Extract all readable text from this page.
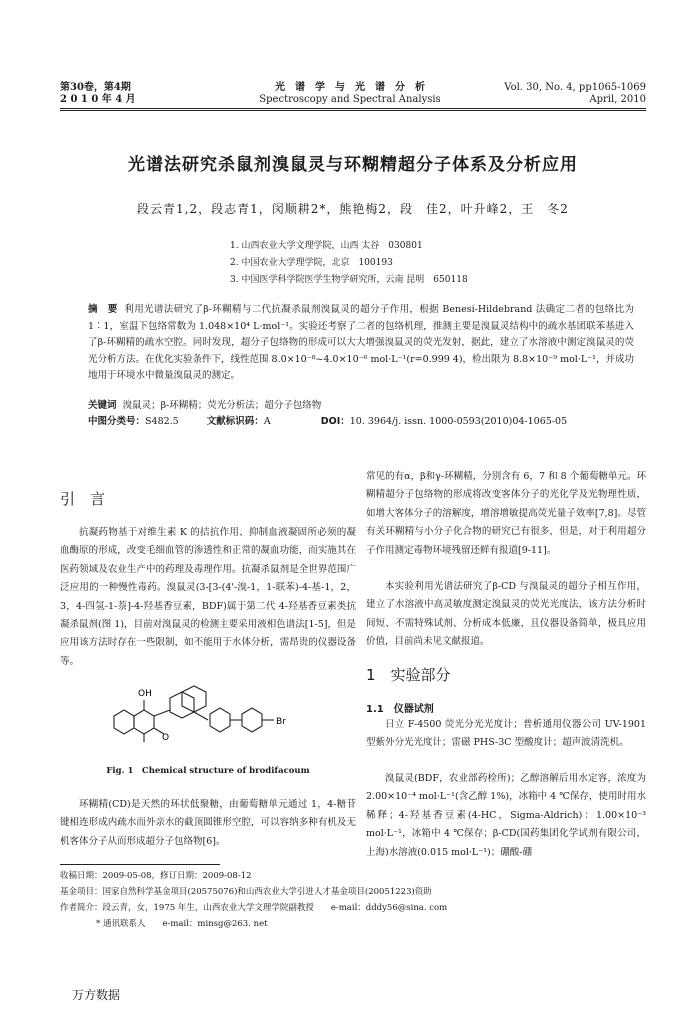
第30卷，第4期
2 0 1 0 年 4 月
光　谱　学　与　光　谱　分　析
Spectroscopy and Spectral Analysis
Vol. 30, No. 4, pp1065-1069
April, 2010
光谱法研究杀鼠剂溴鼠灵与环糊精超分子体系及分析应用
段云青1,2，段志青1，闵顺耕2*，熊艳梅2，段　佳2，叶升峰2，王　冬2
1. 山西农业大学文理学院，山西 太谷　030801
2. 中国农业大学理学院，北京　100193
3. 中国医学科学院医学生物学研究所，云南 昆明　650118
摘　要 利用光谱法研究了β-环糊精与二代抗凝杀鼠剂溴鼠灵的超分子作用，根据 Benesi-Hildebrand 法确定二者的包络比为 1∶1，室温下包络常数为 1.048×10⁴ L·mol⁻¹。实验还考察了二者的包络机理，推测主要是溴鼠灵结构中的疏水基团联苯基进入了β-环糊精的疏水空腔。同时发现，超分子包络物的形成可以大大增强溴鼠灵的荧光发射，据此，建立了水溶液中测定溴鼠灵的荧光分析方法。在优化实验条件下，线性范围 8.0×10⁻⁸~4.0×10⁻⁶ mol·L⁻¹(r=0.999 4)，检出限为 8.8×10⁻⁹ mol·L⁻¹，并成功地用于环境水中微量溴鼠灵的测定。
关键词 溴鼠灵；β-环糊精；荧光分析法；超分子包络物
中图分类号：S482.5	文献标识码：A	DOI：10. 3964/j. issn. 1000-0593(2010)04-1065-05
引　言
抗凝药物基于对维生素 K 的拮抗作用、抑制血液凝固所必须的凝血酶原的形成，改变毛细血管的渗透性和正常的凝血功能，而实施其在医药领域及农业生产中的药理及毒理作用。抗凝杀鼠剂是全世界范围广泛应用的一种慢性毒药。溴鼠灵(3-[3-(4'-溴-1，1-联苯)-4-基-1，2，3，4-四氢-1-萘]-4-羟基香豆素，BDF)属于第二代 4-羟基香豆素类抗凝杀鼠剂(图 1)，目前对溴鼠灵的检测主要采用液相色谱法[1-5]，但是应用该方法时存在一些限制，如不能用于水体分析，需昂贵的仪器设备等。
OH
O
Br
Fig. 1　Chemical structure of brodifacoum
环糊精(CD)是天然的环状低聚糖，由葡萄糖单元通过 1，4-糖苷键相连形成内疏水而外亲水的截顶圆锥形空腔，可以容纳多种有机及无机客体分子从而形成超分子包络物[6]。
常见的有α，β和γ-环糊精，分别含有 6，7 和 8 个葡萄糖单元。环糊精超分子包络物的形成将改变客体分子的光化学及光物理性质，如增大客体分子的溶解度，增溶增敏提高荧光量子效率[7,8]。尽管有关环糊精与小分子化合物的研究已有很多，但是，对于利用超分子作用测定毒物环境残留还鲜有报道[9-11]。
本实验利用光谱法研究了β-CD 与溴鼠灵的超分子相互作用，建立了水溶液中高灵敏度测定溴鼠灵的荧光光度法，该方法分析时间短、不需特殊试剂、分析成本低廉，且仪器设备简单，极具应用价值，目前尚未见文献报道。
1　实验部分
1.1　仪器试剂
日立 F-4500 荧光分光光度计；普析通用仪器公司 UV-1901 型紫外分光光度计；雷磁 PHS-3C 型酸度计；超声波清洗机。
溴鼠灵(BDF，农业部药检所)；乙醇溶解后用水定容，浓度为 2.00×10⁻⁴ mol·L⁻¹(含乙醇 1%)，冰箱中 4 ℃保存，使用时用水稀释；4-羟基香豆素(4-HC，Sigma-Aldrich)：1.00×10⁻³ mol·L⁻¹，冰箱中 4 ℃保存；β-CD(国药集团化学试剂有限公司，上海)水溶液(0.015 mol·L⁻¹)；硼酸-硼
收稿日期：2009-05-08，修订日期：2009-08-12
基金项目：国家自然科学基金项目(20575076)和山西农业大学引进人才基金项目(20051223)资助
作者简介：段云青，女，1975 年生，山西农业大学文理学院副教授　　e-mail：dddy56@sina. com
* 通讯联系人　　e-mail：minsg@263. net
万方数据
